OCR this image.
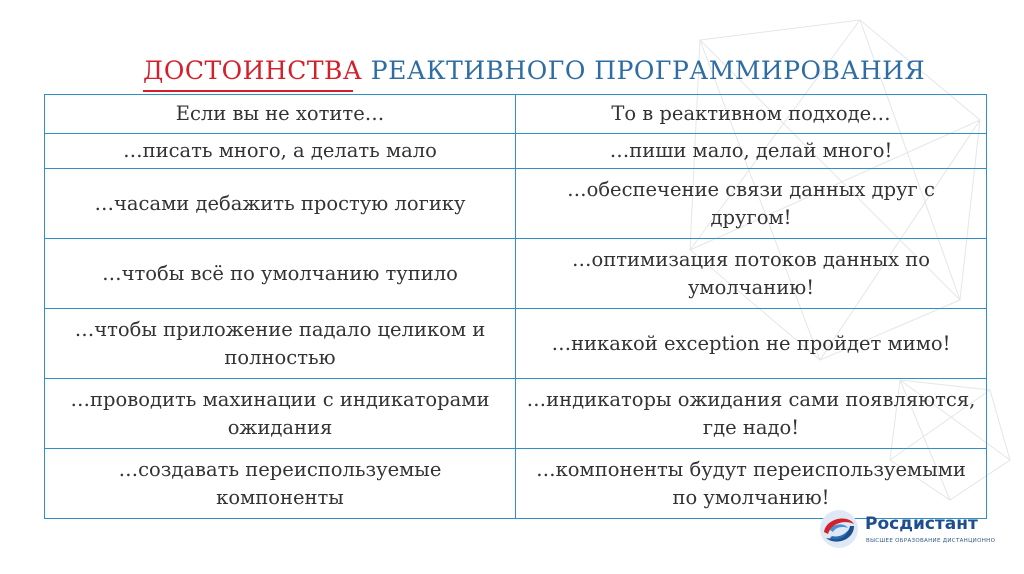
ДОСТОИНСТВА РЕАКТИВНОГО ПРОГРАММИРОВАНИЯ
Если вы не хотите…	То в реактивном подходе…
…писать много, а делать мало	…пиши мало, делай много!
…часами дебажить простую логику	…обеспечение связи данных друг с другом!
…чтобы всё по умолчанию тупило	…оптимизация потоков данных по умолчанию!
…чтобы приложение падало целиком и полностью	…никакой exception не пройдет мимо!
…проводить махинации с индикаторами ожидания	…индикаторы ожидания сами появляются, где надо!
…создавать переиспользуемые компоненты	…компоненты будут переиспользуемыми по умолчанию!
Росдистант
ВЫСШЕЕ ОБРАЗОВАНИЕ ДИСТАНЦИОННО
